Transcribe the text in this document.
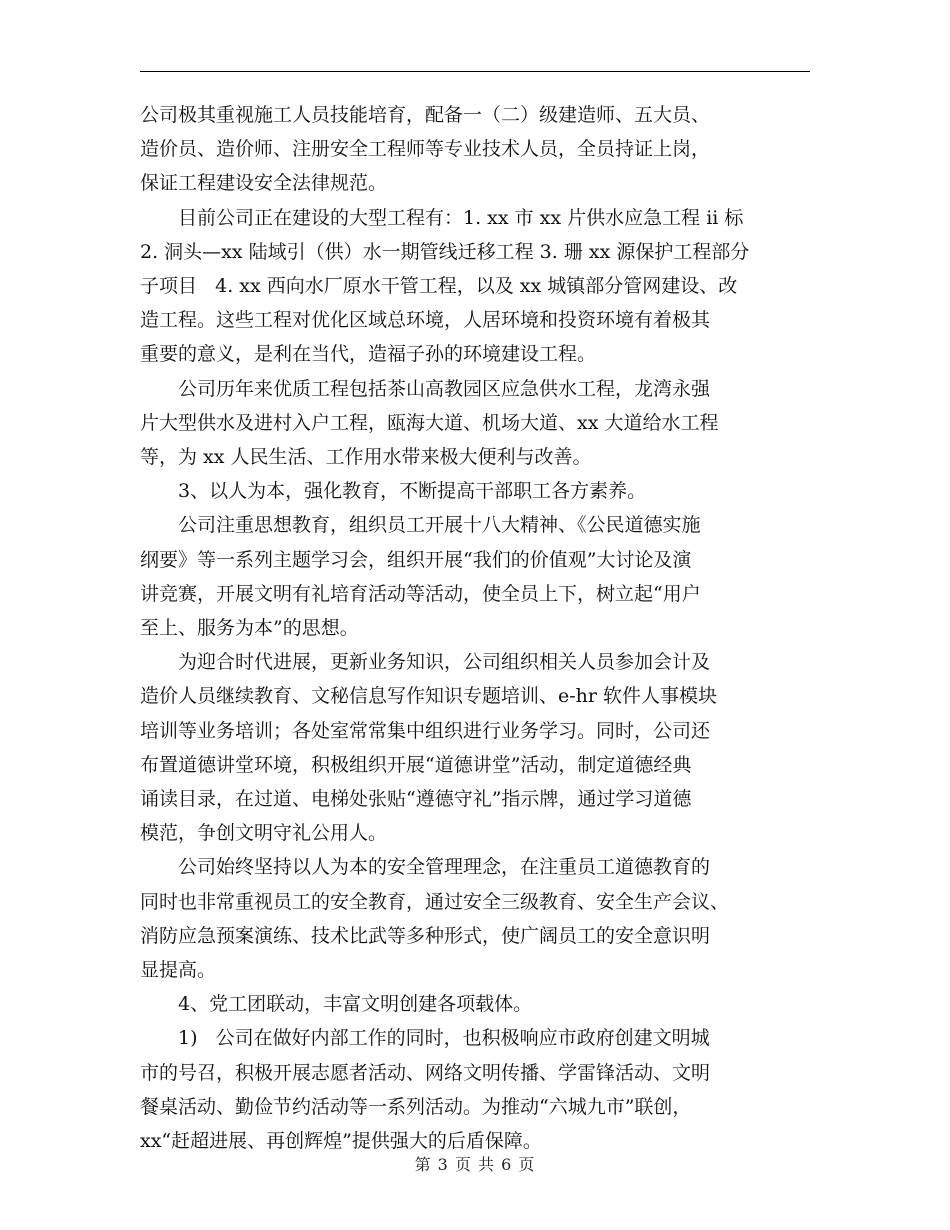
公司极其重视施工人员技能培育，配备一（二）级建造师、五大员、
造价员、造价师、注册安全工程师等专业技术人员，全员持证上岗，
保证工程建设安全法律规范。
目前公司正在建设的大型工程有：1. xx 市 xx 片供水应急工程 ii 标
2. 洞头—xx 陆域引（供）水一期管线迁移工程 3. 珊 xx 源保护工程部分
子项目   4. xx 西向水厂原水干管工程，以及 xx 城镇部分管网建设、改
造工程。这些工程对优化区域总环境，人居环境和投资环境有着极其
重要的意义，是利在当代，造福子孙的环境建设工程。
公司历年来优质工程包括茶山高教园区应急供水工程，龙湾永强
片大型供水及进村入户工程，瓯海大道、机场大道、xx 大道给水工程
等，为 xx 人民生活、工作用水带来极大便利与改善。
3、以人为本，强化教育，不断提高干部职工各方素养。
公司注重思想教育，组织员工开展十八大精神、《公民道德实施
纲要》等一系列主题学习会，组织开展“我们的价值观”大讨论及演
讲竞赛，开展文明有礼培育活动等活动，使全员上下，树立起“用户
至上、服务为本”的思想。
为迎合时代进展，更新业务知识，公司组织相关人员参加会计及
造价人员继续教育、文秘信息写作知识专题培训、e-hr 软件人事模块
培训等业务培训；各处室常常集中组织进行业务学习。同时，公司还
布置道德讲堂环境，积极组织开展“道德讲堂”活动，制定道德经典
诵读目录，在过道、电梯处张贴“遵德守礼”指示牌，通过学习道德
模范，争创文明守礼公用人。
公司始终坚持以人为本的安全管理理念，在注重员工道德教育的
同时也非常重视员工的安全教育，通过安全三级教育、安全生产会议、
消防应急预案演练、技术比武等多种形式，使广阔员工的安全意识明
显提高。
4、党工团联动，丰富文明创建各项载体。
1)   公司在做好内部工作的同时，也积极响应市政府创建文明城
市的号召，积极开展志愿者活动、网络文明传播、学雷锋活动、文明
餐桌活动、勤俭节约活动等一系列活动。为推动“六城九市”联创，
xx“赶超进展、再创辉煌”提供强大的后盾保障。
第 3 页 共 6 页
